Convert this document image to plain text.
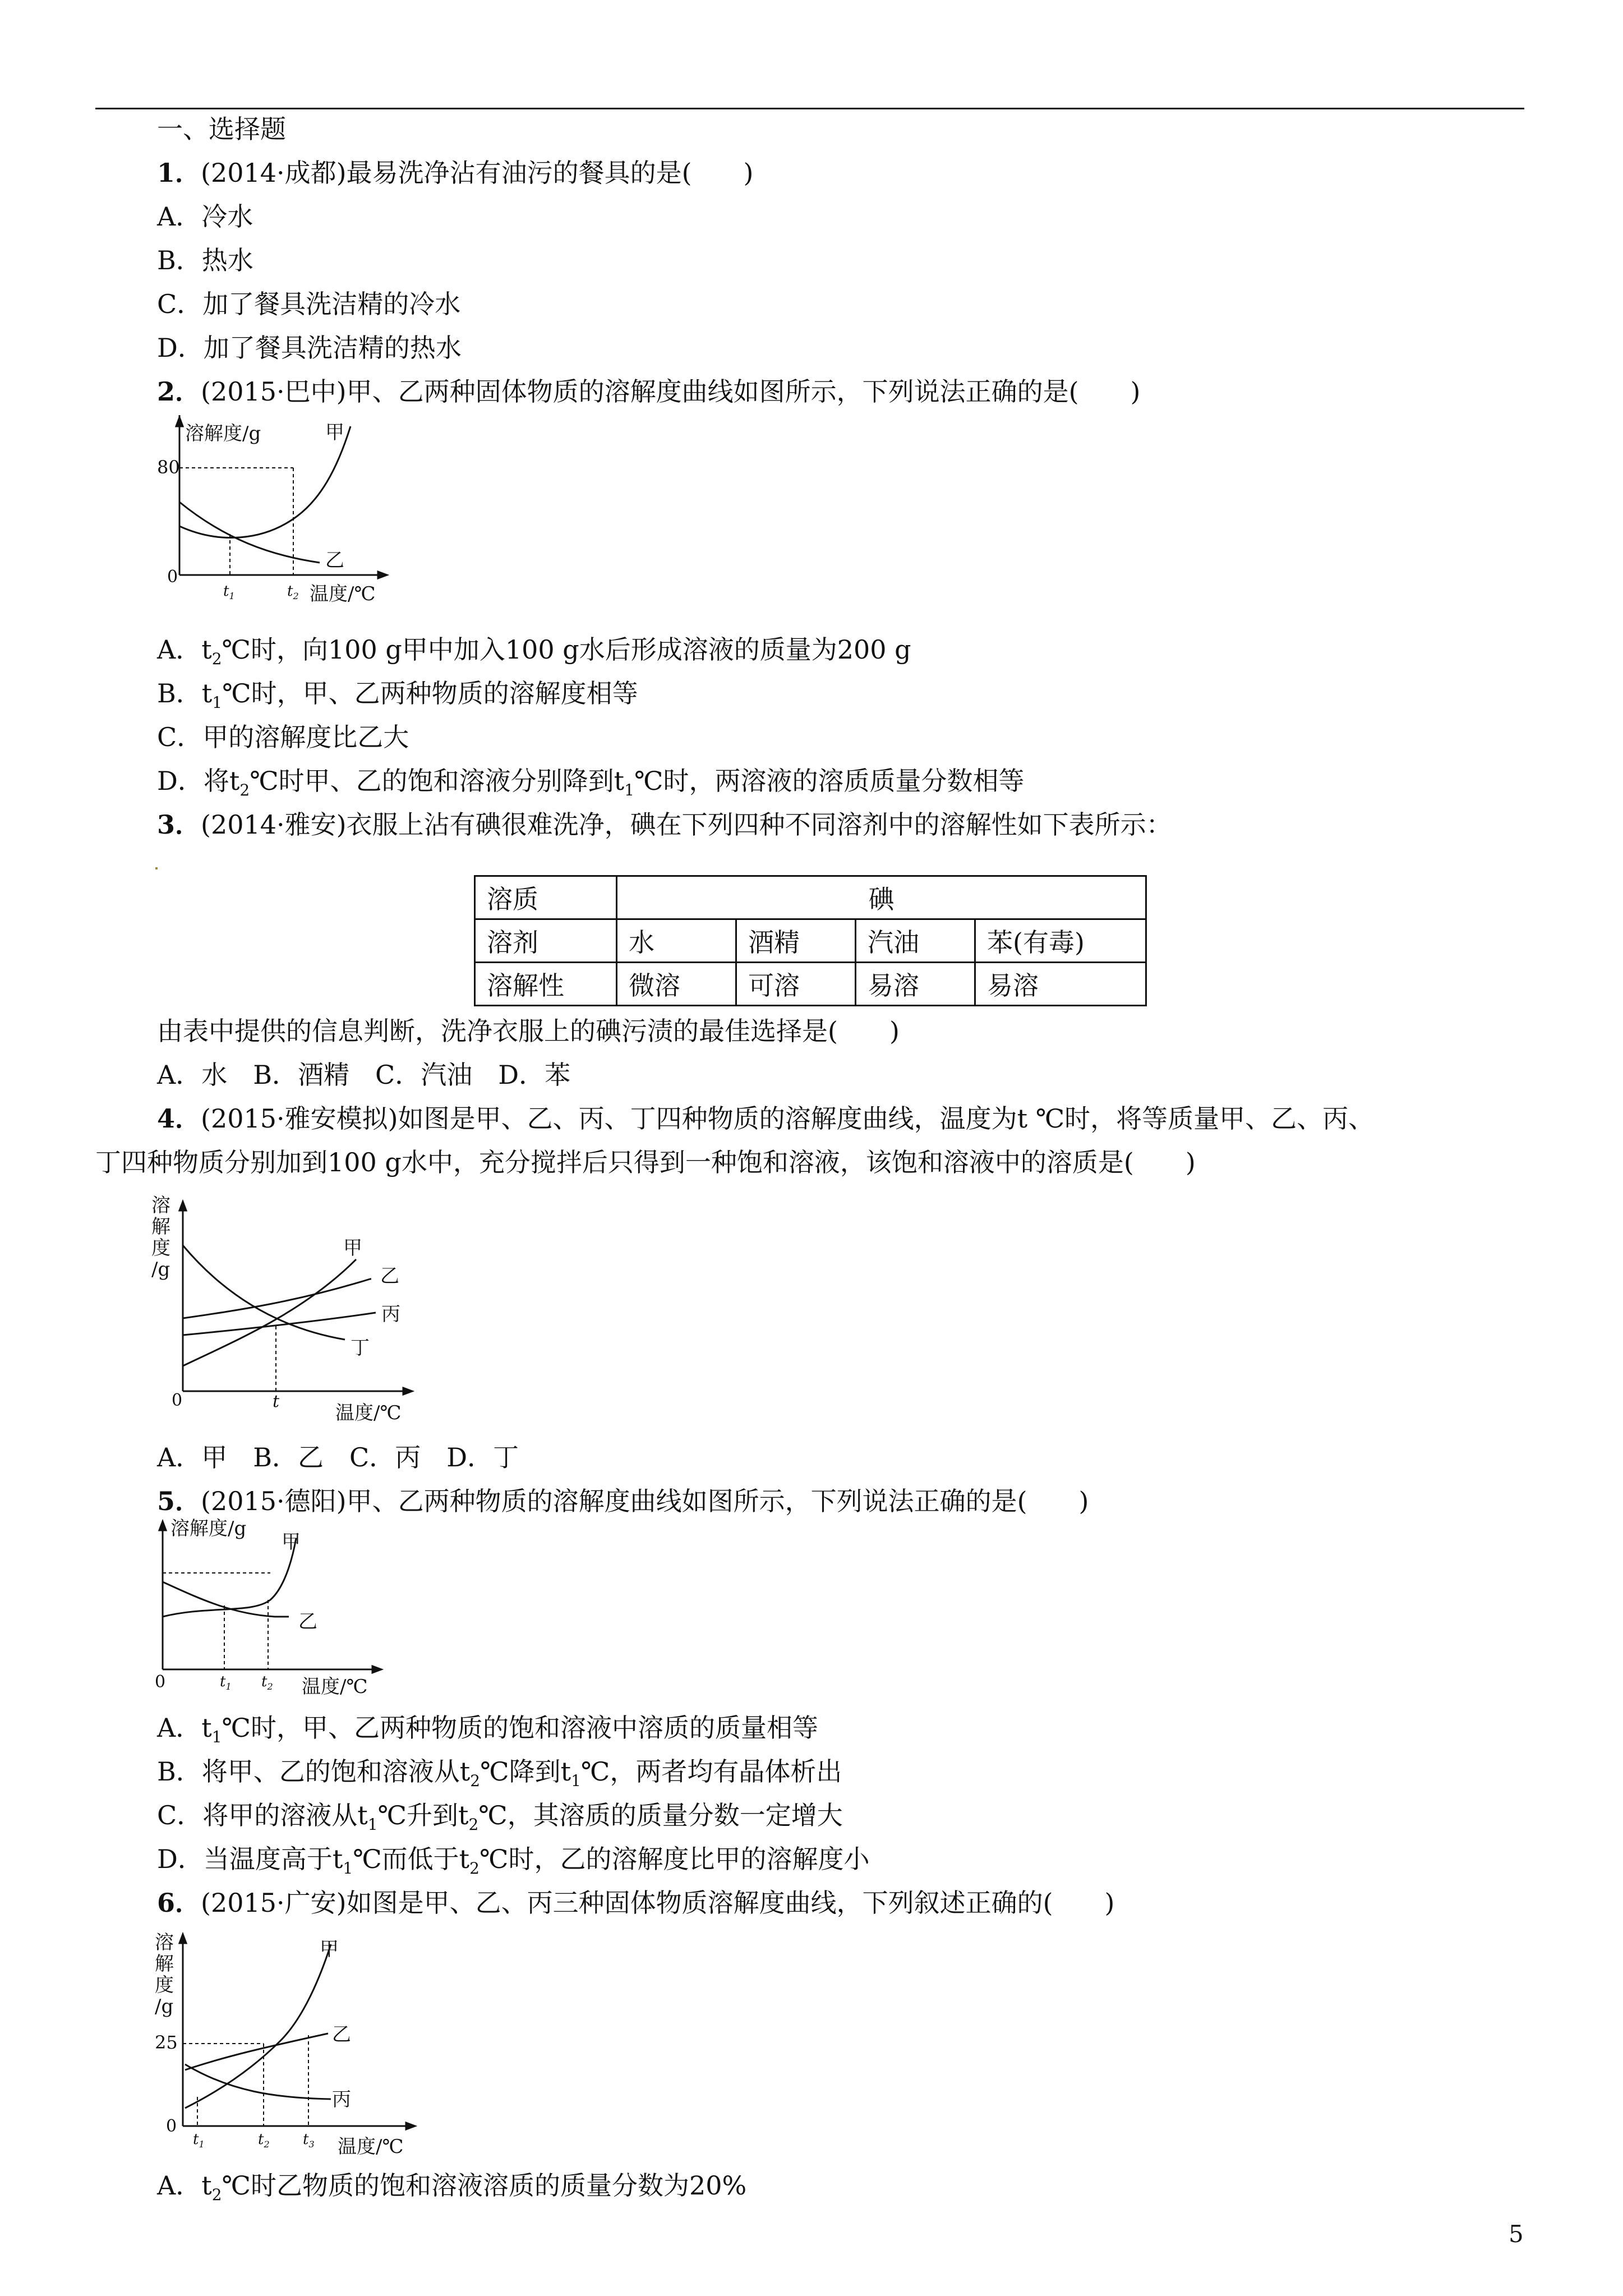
一、选择题
1．(2014·成都)最易洗净沾有油污的餐具的是(　　)
A．冷水
B．热水
C．加了餐具洗洁精的冷水
D．加了餐具洗洁精的热水
2．(2015·巴中)甲、乙两种固体物质的溶解度曲线如图所示，下列说法正确的是(　　)
溶解度/g	甲
乙
80
0
$t_1$	$t_2$ 温度/℃
A．$t_2℃$时，向100 g甲中加入100 g水后形成溶液的质量为200 g
B．$t_1℃$时，甲、乙两种物质的溶解度相等
C．甲的溶解度比乙大
D．将$t_2℃$时甲、乙的饱和溶液分别降到$t_1℃$时，两溶液的溶质质量分数相等
3．(2014·雅安)衣服上沾有碘很难洗净，碘在下列四种不同溶剂中的溶解性如下表所示：
溶质	碘			
溶剂	水	酒精	汽油	苯(有毒)
溶解性	微溶	可溶	易溶	易溶
由表中提供的信息判断，洗净衣服上的碘污渍的最佳选择是(　　)
A．水　B．酒精　C．汽油　D．苯
4．(2015·雅安模拟)如图是甲、乙、丙、丁四种物质的溶解度曲线，温度为t ℃时，将等质量甲、乙、丙、
丁四种物质分别加到100 g水中，充分搅拌后只得到一种饱和溶液，该饱和溶液中的溶质是(　　)
溶
解
度
/g
甲
乙
丙
丁
0	t
温度/℃
A．甲　B．乙　C．丙　D．丁
5．(2015·德阳)甲、乙两种物质的溶解度曲线如图所示，下列说法正确的是(　　)
溶解度/g
甲
乙
0	$t_1$ $t_2$ 温度/℃
A．$t_1℃$时，甲、乙两种物质的饱和溶液中溶质的质量相等
B．将甲、乙的饱和溶液从$t_2℃$降到$t_1℃$，两者均有晶体析出
C．将甲的溶液从$t_1℃$升到$t_2℃$，其溶质的质量分数一定增大
D．当温度高于$t_1℃$而低于$t_2℃$时，乙的溶解度比甲的溶解度小
6．(2015·广安)如图是甲、乙、丙三种固体物质溶解度曲线，下列叙述正确的(　　)
溶
解
度
/g
25
甲
乙
丙
0
$t_1$	$t_2$ $t_3$ 温度/℃
A．$t_2℃$时乙物质的饱和溶液溶质的质量分数为20%
5
